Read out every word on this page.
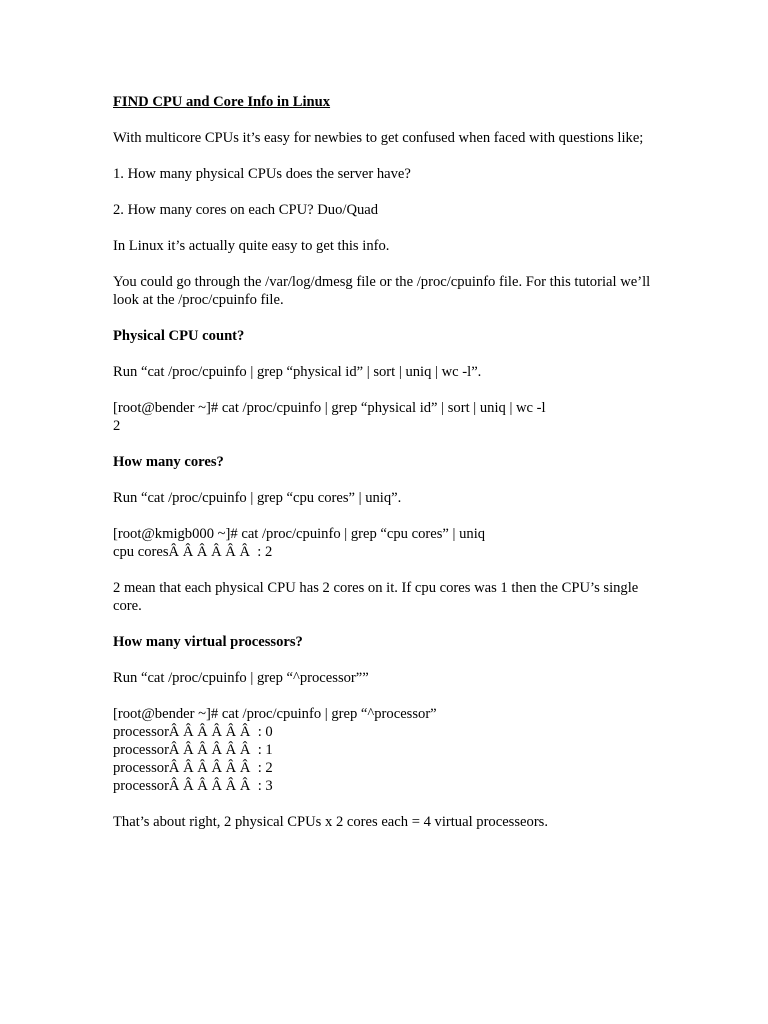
FIND CPU and Core Info in Linux

With multicore CPUs it’s easy for newbies to get confused when faced with questions like;

1. How many physical CPUs does the server have?

2. How many cores on each CPU? Duo/Quad

In Linux it’s actually quite easy to get this info.

You could go through the /var/log/dmesg file or the /proc/cpuinfo file. For this tutorial we’ll look at the /proc/cpuinfo file.

Physical CPU count?

Run “cat /proc/cpuinfo | grep “physical id” | sort | uniq | wc -l”.

[root@bender ~]# cat /proc/cpuinfo | grep “physical id” | sort | uniq | wc -l
2

How many cores?

Run “cat /proc/cpuinfo | grep “cpu cores” | uniq”.

[root@kmigb000 ~]# cat /proc/cpuinfo | grep “cpu cores” | uniq
cpu coresÂ Â Â Â Â Â  : 2

2 mean that each physical CPU has 2 cores on it. If cpu cores was 1 then the CPU’s single core.

How many virtual processors?

Run “cat /proc/cpuinfo | grep “^processor””

[root@bender ~]# cat /proc/cpuinfo | grep “^processor”
processorÂ Â Â Â Â Â  : 0
processorÂ Â Â Â Â Â  : 1
processorÂ Â Â Â Â Â  : 2
processorÂ Â Â Â Â Â  : 3

That’s about right, 2 physical CPUs x 2 cores each = 4 virtual processeors.
